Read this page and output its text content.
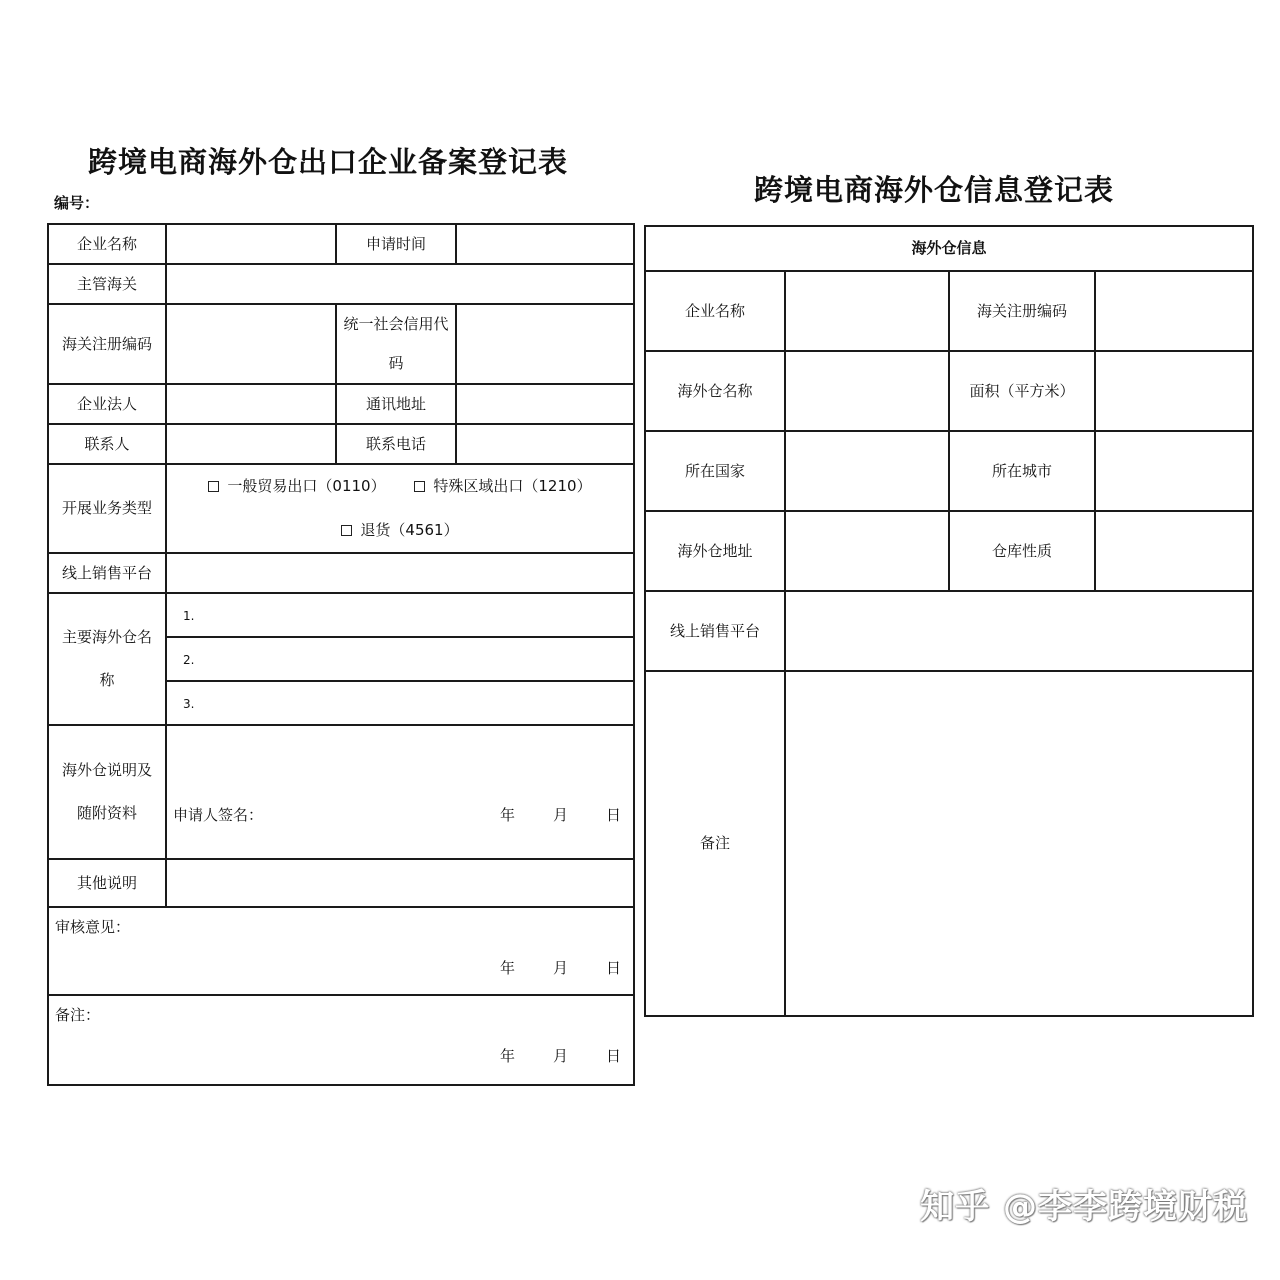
跨境电商海外仓出口企业备案登记表
编号：
企业名称		申请时间	
主管海关			
海关注册编码		统一社会信用代码	
企业法人		通讯地址	
联系人		联系电话	
开展业务类型	一般贸易出口（0110） 特殊区域出口（1210）
退货（4561）		
线上销售平台			
主要海外仓名称	1.		
	2.		
	3.		
海外仓说明及随附资料	申请人签名： 年 月 日		

其他说明			

审核意见：
年 月 日			

备注：
年 月 日			
跨境电商海外仓信息登记表
海外仓信息			
企业名称		海关注册编码	
海外仓名称		面积（平方米）	
所在国家		所在城市	
海外仓地址		仓库性质	
线上销售平台			
备注			
知乎 @李李跨境财税
